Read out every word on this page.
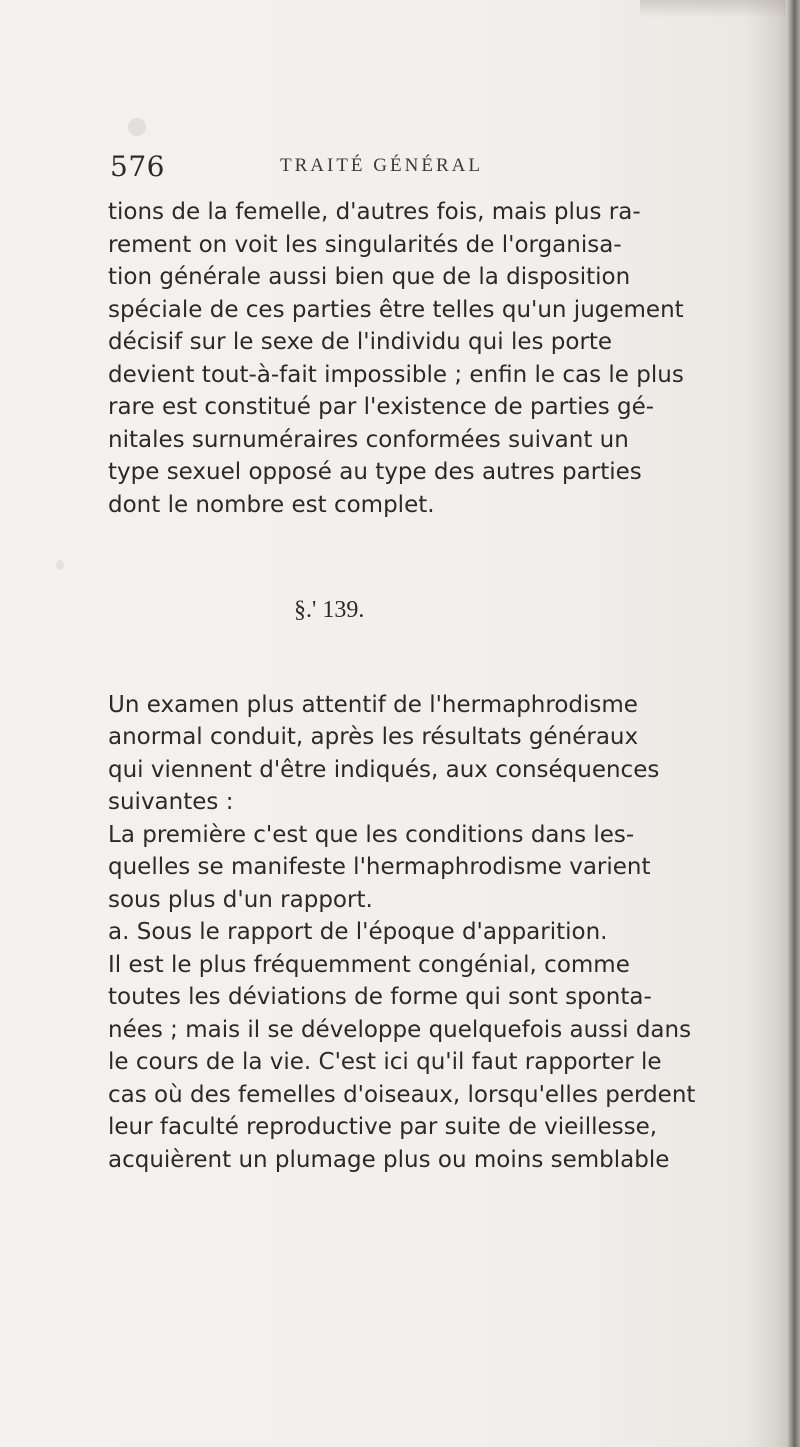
576	TRAITÉ GÉNÉRAL
tions de la femelle, d'autres fois, mais plus ra-
rement on voit les singularités de l'organisa-
tion générale aussi bien que de la disposition
spéciale de ces parties être telles qu'un jugement
décisif sur le sexe de l'individu qui les porte
devient tout-à-fait impossible ; enfin le cas le plus
rare est constitué par l'existence de parties gé-
nitales surnuméraires conformées suivant un
type sexuel opposé au type des autres parties
dont le nombre est complet.
§.' 139.
Un examen plus attentif de l'hermaphrodisme
anormal conduit, après les résultats généraux
qui viennent d'être indiqués, aux conséquences
suivantes :
La première c'est que les conditions dans les-
quelles se manifeste l'hermaphrodisme varient
sous plus d'un rapport.
a. Sous le rapport de l'époque d'apparition.
Il est le plus fréquemment congénial, comme
toutes les déviations de forme qui sont sponta-
nées ; mais il se développe quelquefois aussi dans
le cours de la vie. C'est ici qu'il faut rapporter le
cas où des femelles d'oiseaux, lorsqu'elles perdent
leur faculté reproductive par suite de vieillesse,
acquièrent un plumage plus ou moins semblable
